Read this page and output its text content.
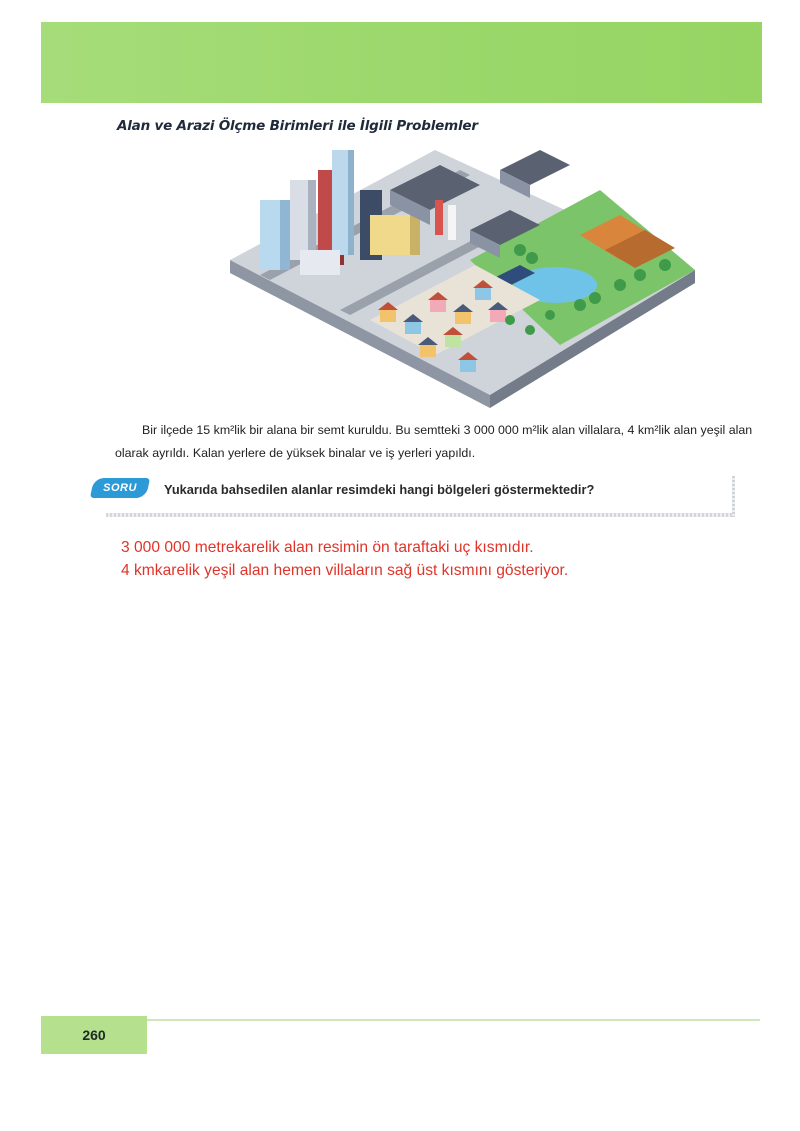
Alan ve Arazi Ölçme Birimleri ile İlgili Problemler

Bir ilçede 15 km²lik bir alana bir semt kuruldu. Bu semtteki 3 000 000 m²lik alan villalara, 4 km²lik alan yeşil alan olarak ayrıldı. Kalan yerlere de yüksek binalar ve iş yerleri yapıldı.

SORU	Yukarıda bahsedilen alanlar resimdeki hangi bölgeleri göstermektedir?
3 000 000 metrekarelik alan resimin ön taraftaki uç kısmıdır.
4 kmkarelik yeşil alan hemen villaların sağ üst kısmını gösteriyor.
260
